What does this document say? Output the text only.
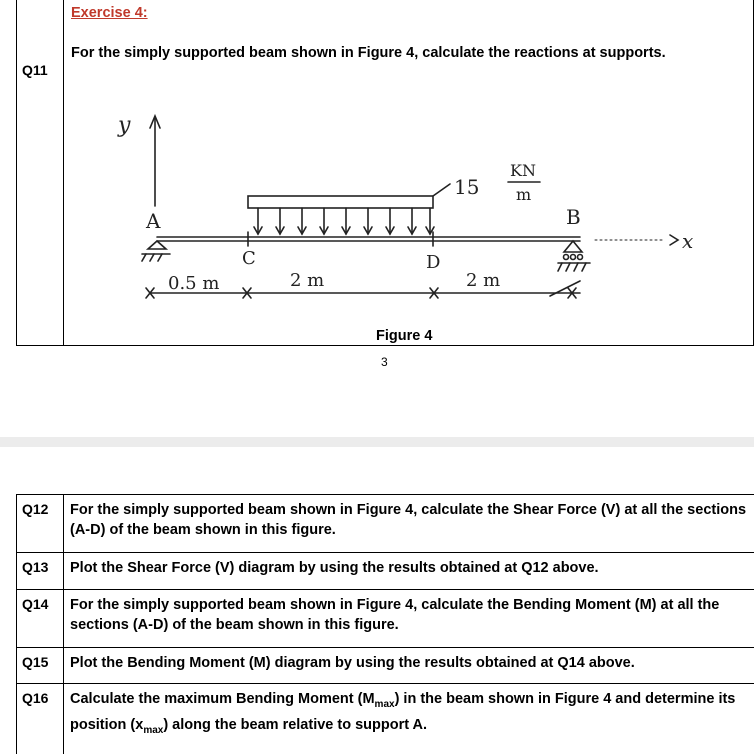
Q11
Exercise 4:
For the simply supported beam shown in Figure 4, calculate the reactions at supports.
y
x
A	B
C	D
15
KN
m
0.5 m	2 m	2 m
Figure 4
3
Q12	For the simply supported beam shown in Figure 4, calculate the Shear Force (V) at all the sections (A-D) of the beam shown in this figure.
Q13	Plot the Shear Force (V) diagram by using the results obtained at Q12 above.
Q14	For the simply supported beam shown in Figure 4, calculate the Bending Moment (M) at all the sections (A-D) of the beam shown in this figure.
Q15	Plot the Bending Moment (M) diagram by using the results obtained at Q14 above.
Q16	Calculate the maximum Bending Moment $(M_{max})$ in the beam shown in Figure 4 and determine its position $(x_{max})$ along the beam relative to support A.
